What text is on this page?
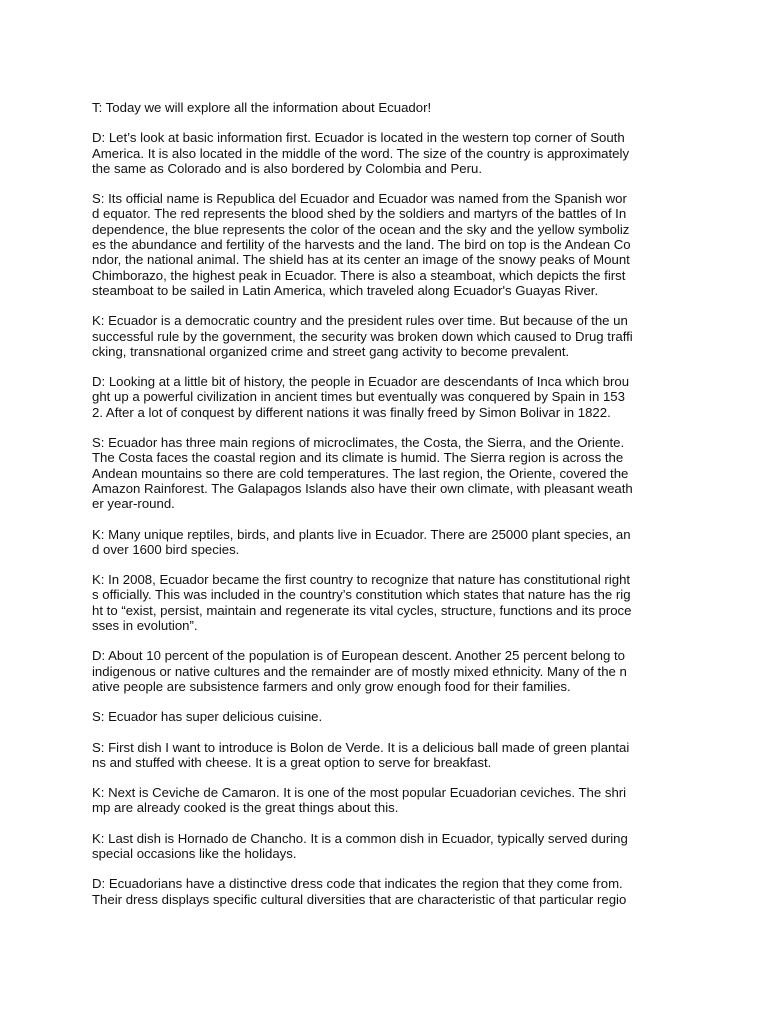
T: Today we will explore all the information about Ecuador!

D: Let’s look at basic information first. Ecuador is located in the western top corner of South
America. It is also located in the middle of the word. The size of the country is approximately
the same as Colorado and is also bordered by Colombia and Peru.

S: Its official name is Republica del Ecuador and Ecuador was named from the Spanish wor
d equator. The red represents the blood shed by the soldiers and martyrs of the battles of In
dependence, the blue represents the color of the ocean and the sky and the yellow symboliz
es the abundance and fertility of the harvests and the land. The bird on top is the Andean Co
ndor, the national animal. The shield has at its center an image of the snowy peaks of Mount
Chimborazo, the highest peak in Ecuador. There is also a steamboat, which depicts the first
steamboat to be sailed in Latin America, which traveled along Ecuador's Guayas River.

K: Ecuador is a democratic country and the president rules over time. But because of the un
successful rule by the government, the security was broken down which caused to Drug traffi
cking, transnational organized crime and street gang activity to become prevalent.

D: Looking at a little bit of history, the people in Ecuador are descendants of Inca which brou
ght up a powerful civilization in ancient times but eventually was conquered by Spain in 153
2. After a lot of conquest by different nations it was finally freed by Simon Bolivar in 1822.

S: Ecuador has three main regions of microclimates, the Costa, the Sierra, and the Oriente.
The Costa faces the coastal region and its climate is humid. The Sierra region is across the
Andean mountains so there are cold temperatures. The last region, the Oriente, covered the
Amazon Rainforest. The Galapagos Islands also have their own climate, with pleasant weath
er year-round.

K: Many unique reptiles, birds, and plants live in Ecuador. There are 25000 plant species, an
d over 1600 bird species.

K: In 2008, Ecuador became the first country to recognize that nature has constitutional right
s officially. This was included in the country’s constitution which states that nature has the rig
ht to “exist, persist, maintain and regenerate its vital cycles, structure, functions and its proce
sses in evolution”.

D: About 10 percent of the population is of European descent. Another 25 percent belong to
indigenous or native cultures and the remainder are of mostly mixed ethnicity. Many of the n
ative people are subsistence farmers and only grow enough food for their families.

S: Ecuador has super delicious cuisine.

S: First dish I want to introduce is Bolon de Verde. It is a delicious ball made of green plantai
ns and stuffed with cheese. It is a great option to serve for breakfast.

K: Next is Ceviche de Camaron. It is one of the most popular Ecuadorian ceviches. The shri
mp are already cooked is the great things about this.

K: Last dish is Hornado de Chancho. It is a common dish in Ecuador, typically served during
special occasions like the holidays.

D: Ecuadorians have a distinctive dress code that indicates the region that they come from.
Their dress displays specific cultural diversities that are characteristic of that particular regio
